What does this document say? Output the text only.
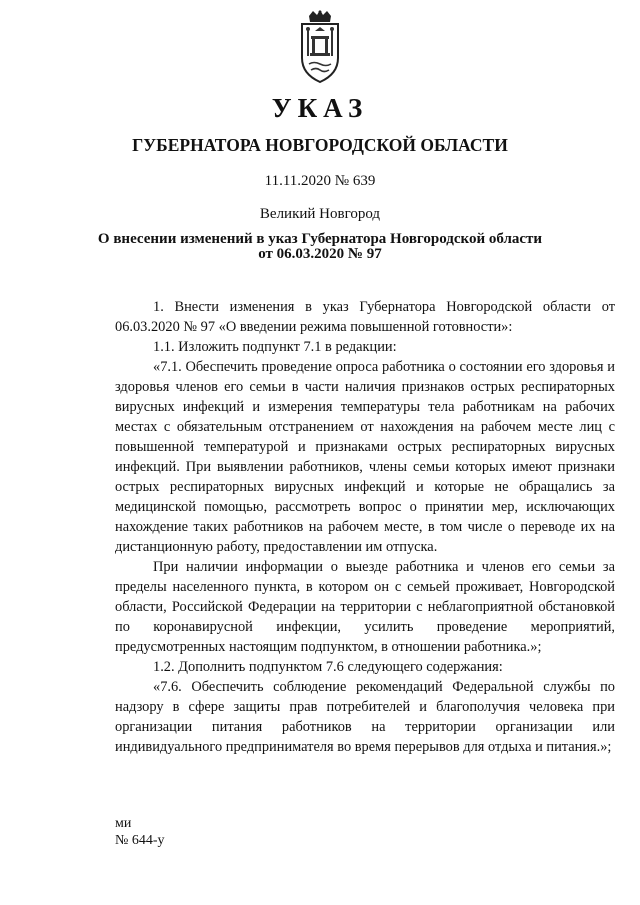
УКАЗ
ГУБЕРНАТОРА НОВГОРОДСКОЙ ОБЛАСТИ
11.11.2020 № 639
Великий Новгород
О внесении изменений в указ Губернатора Новгородской области
от 06.03.2020 № 97

1. Внести изменения в указ Губернатора Новгородской области от 06.03.2020 № 97 «О введении режима повышенной готовности»:

1.1. Изложить подпункт 7.1 в редакции:

«7.1. Обеспечить проведение опроса работника о состоянии его здоровья и здоровья членов его семьи в части наличия признаков острых респираторных вирусных инфекций и измерения температуры тела работникам на рабочих местах с обязательным отстранением от нахождения на рабочем месте лиц с повышенной температурой и признаками острых респираторных вирусных инфекций. При выявлении работников, члены семьи которых имеют признаки острых респираторных вирусных инфекций и которые не обращались за медицинской помощью, рассмотреть вопрос о принятии мер, исключающих нахождение таких работников на рабочем месте, в том числе о переводе их на дистанционную работу, предоставлении им отпуска.

При наличии информации о выезде работника и членов его семьи за пределы населенного пункта, в котором он с семьей проживает, Новгородской области, Российской Федерации на территории с неблагоприятной обстановкой по коронавирусной инфекции, усилить проведение мероприятий, предусмотренных настоящим подпунктом, в отношении работника.»;

1.2. Дополнить подпунктом 7.6 следующего содержания:

«7.6. Обеспечить соблюдение рекомендаций Федеральной службы по надзору в сфере защиты прав потребителей и благополучия человека при организации питания работников на территории организации или индивидуального предпринимателя во время перерывов для отдыха и питания.»;

ми
№ 644-у
